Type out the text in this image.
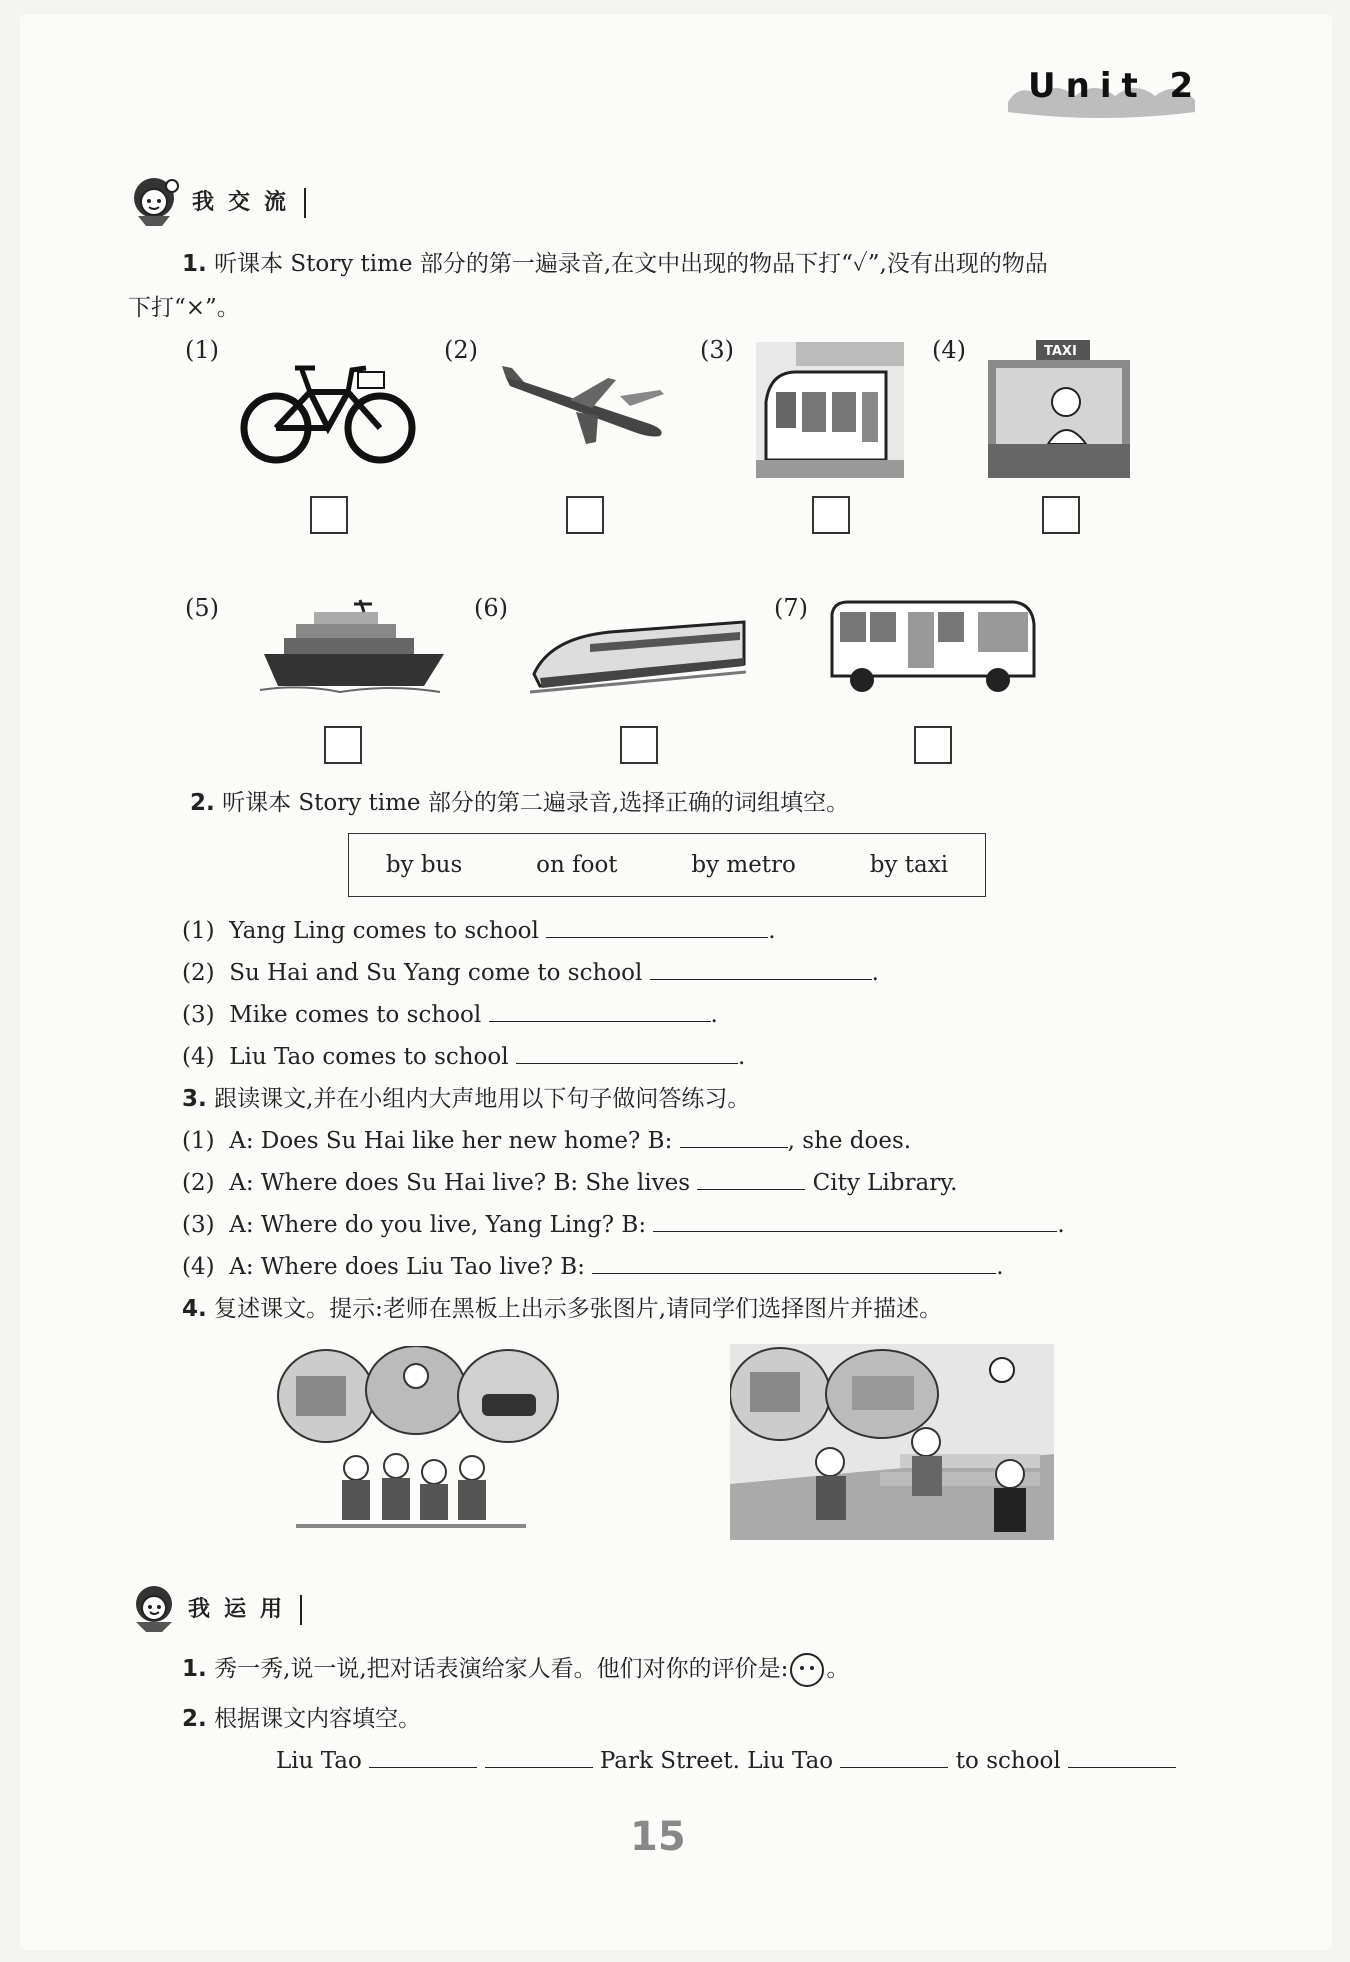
Unit 2
我交流
1. 听课本 Story time 部分的第一遍录音,在文中出现的物品下打“✓”,没有出现的物品
下打“×”。
(1)	(2)	(3)	(4)	TAXI
(5)	(6)	(7)
2. 听课本 Story time 部分的第二遍录音,选择正确的词组填空。
by bus	on foot	by metro	by taxi
(1) Yang Ling comes to school	.
(2) Su Hai and Su Yang come to school	.
(3) Mike comes to school	.
(4) Liu Tao comes to school	.
3. 跟读课文,并在小组内大声地用以下句子做问答练习。
(1) A: Does Su Hai like her new home? B:	, she does.
(2) A: Where does Su Hai live? B: She lives	City Library.
(3) A: Where do you live, Yang Ling? B:	.
(4) A: Where does Liu Tao live? B:	.
4. 复述课文。提示:老师在黑板上出示多张图片,请同学们选择图片并描述。
我运用
1. 秀一秀,说一说,把对话表演给家人看。他们对你的评价是: 。
2. 根据课文内容填空。
Liu Tao	Park Street. Liu Tao	to school
15
